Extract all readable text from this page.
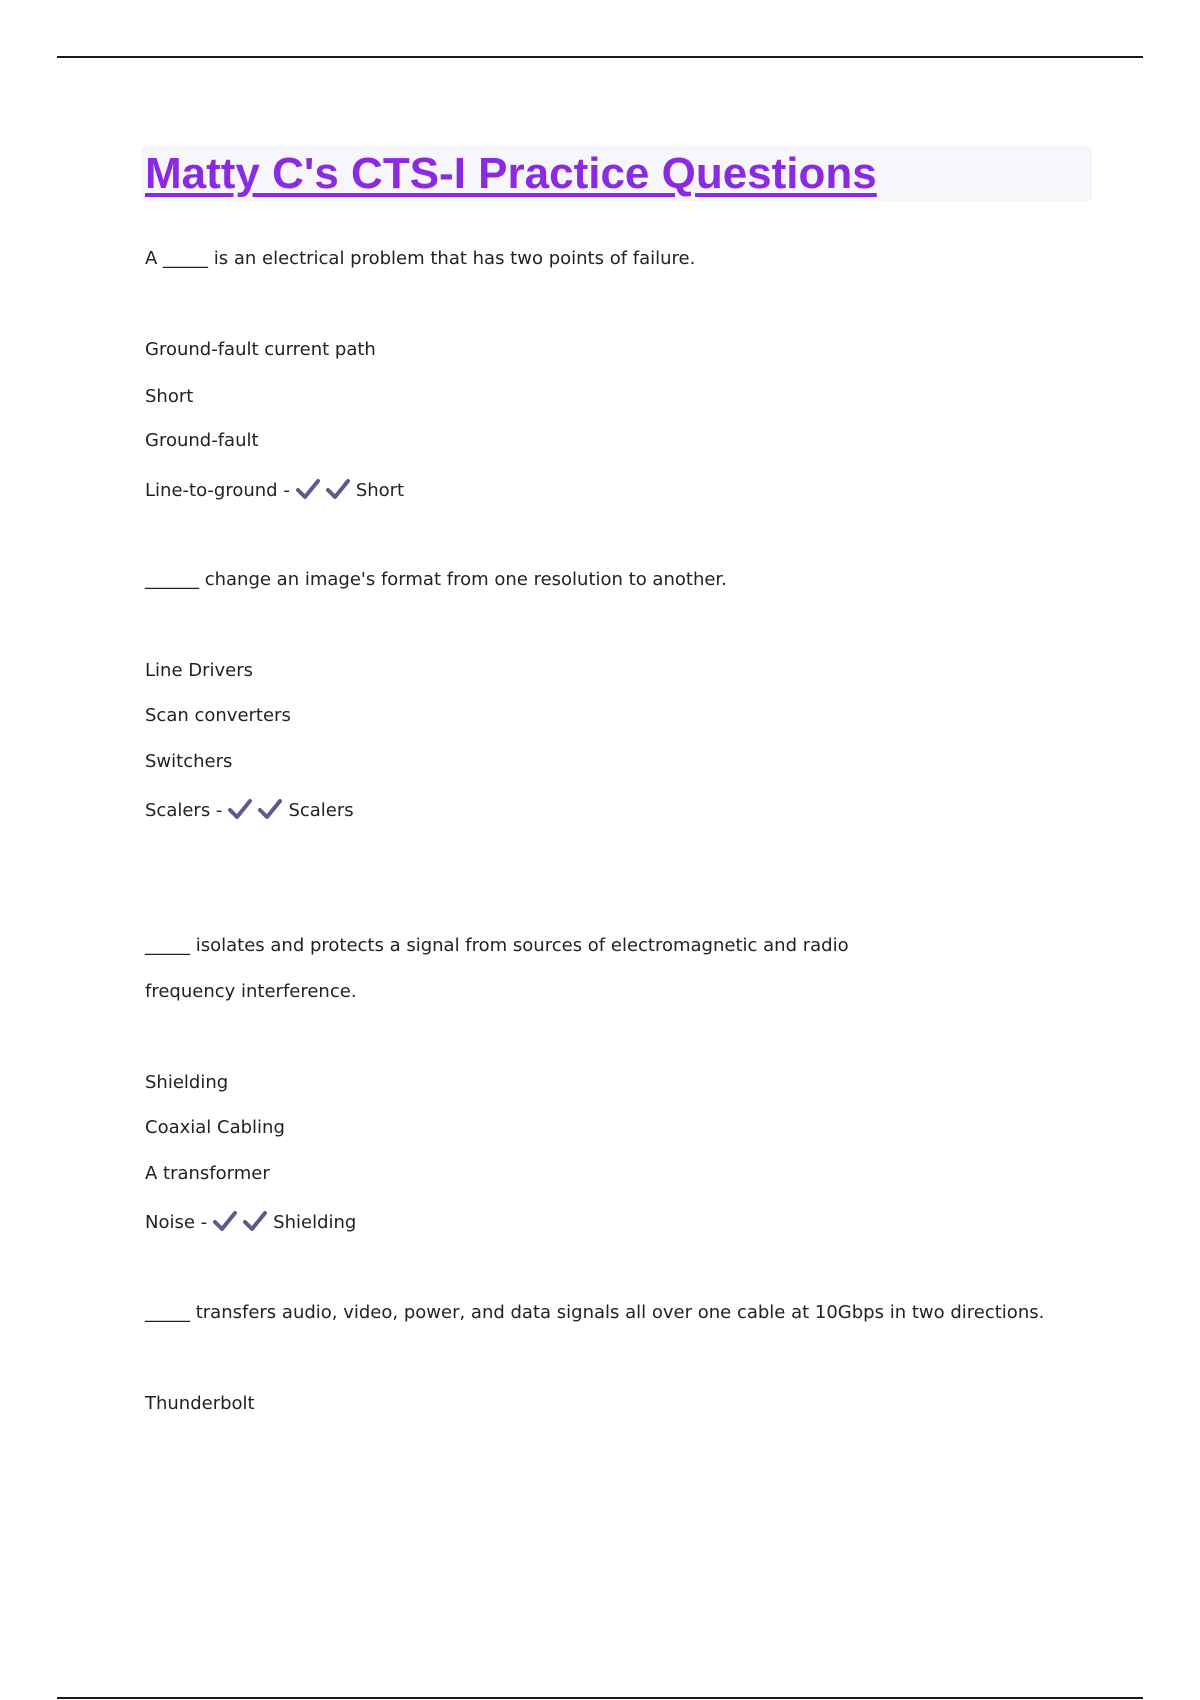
Matty C's CTS-I Practice Questions

A _____ is an electrical problem that has two points of failure.

Ground-fault current path

Short

Ground-fault

Line-to-ground -	Short

______ change an image's format from one resolution to another.

Line Drivers

Scan converters

Switchers

Scalers -	Scalers

_____ isolates and protects a signal from sources of electromagnetic and radio

frequency interference.

Shielding

Coaxial Cabling

A transformer

Noise -	Shielding

_____ transfers audio, video, power, and data signals all over one cable at 10Gbps in two directions.

Thunderbolt
